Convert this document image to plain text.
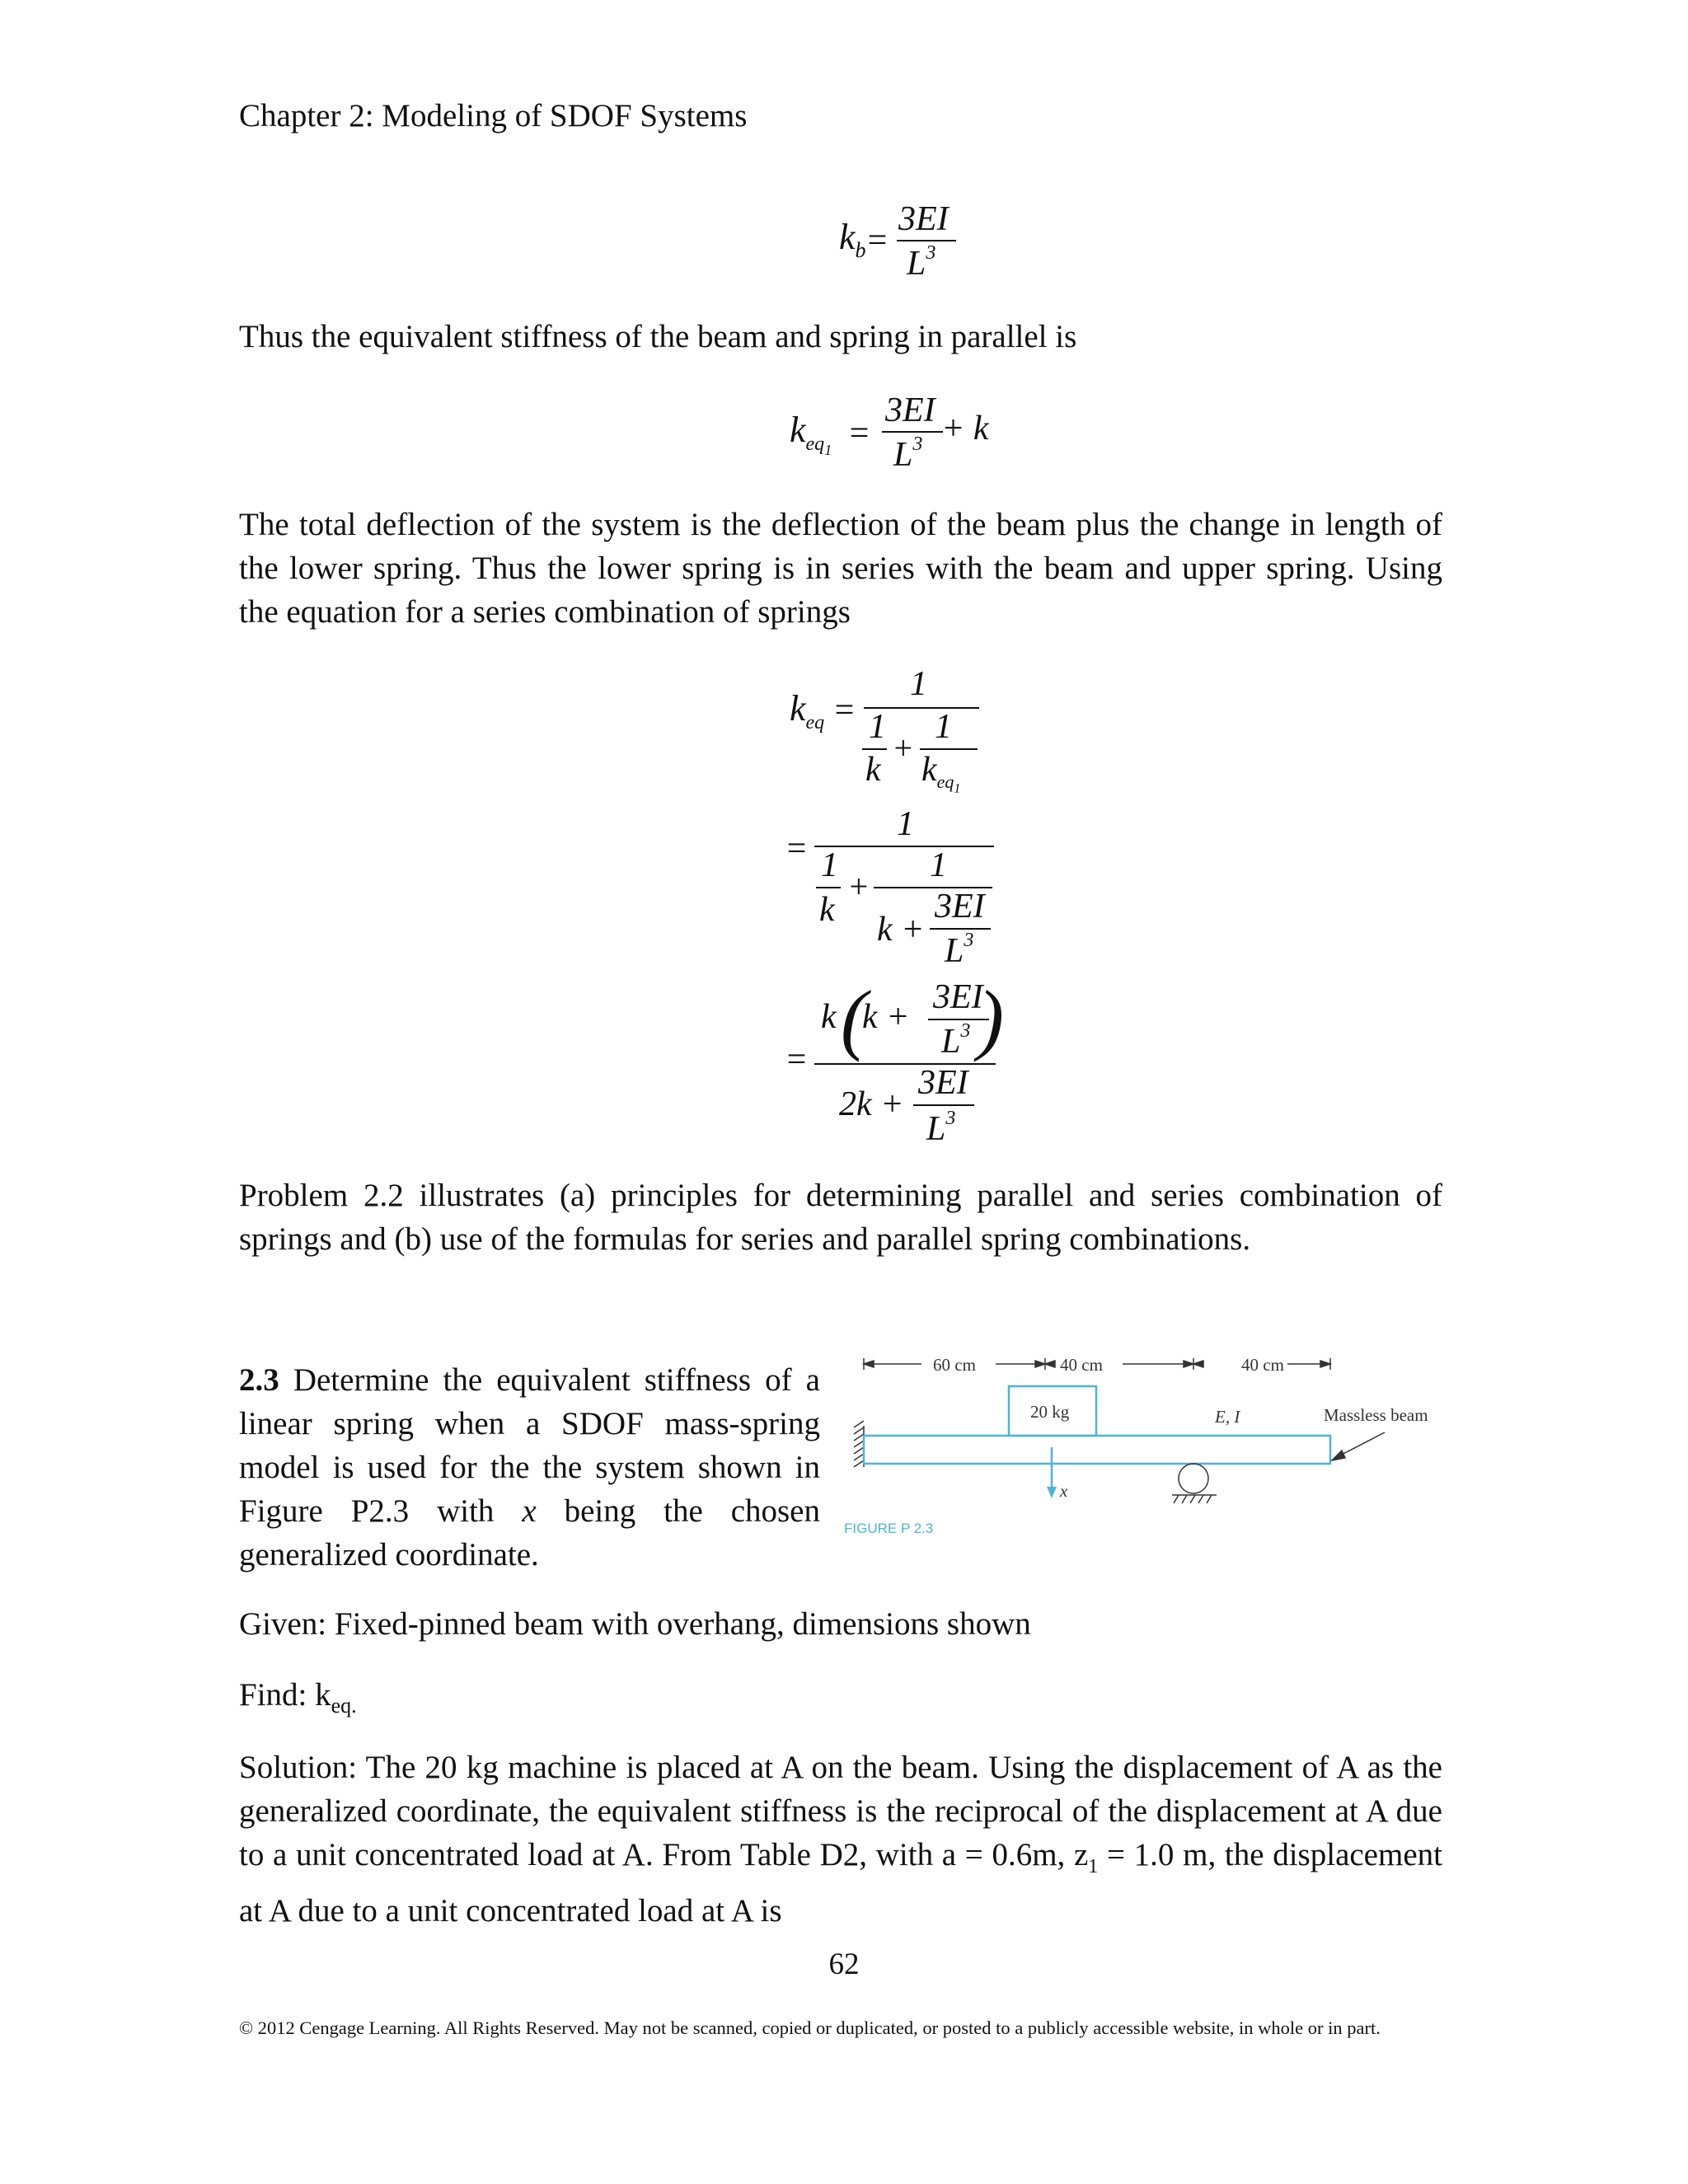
Chapter 2: Modeling of SDOF Systems
$k_b$ =
3EI
$L^3$
Thus the equivalent stiffness of the beam and spring in parallel is
$k_{eq_1}$ =
3EI
$L^3 + k$
The total deflection of the system is the deflection of the beam plus the change in length of the lower spring. Thus the lower spring is in series with the beam and upper spring. Using the equation for a series combination of springs
$k_{eq}$ =
1
1
k
+
1
$k_{eq_1}$
=
1
1
k
+
1
k +
3EI
$L^3$
=
k (
k +
3EI
$L^3$ )
2k +
3EI
$L^3$
Problem 2.2 illustrates (a) principles for determining parallel and series combination of springs and (b) use of the formulas for series and parallel spring combinations.
2.3 Determine the equivalent stiffness of a linear spring when a SDOF mass-spring model is used for the the system shown in Figure P2.3 with x being the chosen generalized coordinate.
60 cm	40 cm	40 cm
20 kg	E, I	Massless beam
x
FIGURE P 2.3
Given: Fixed-pinned beam with overhang, dimensions shown
Find: $k_{eq.}$
Solution: The 20 kg machine is placed at A on the beam. Using the displacement of A as the generalized coordinate, the equivalent stiffness is the reciprocal of the displacement at A due to a unit concentrated load at A. From Table D2, with a = 0.6m, $z_1 = 1.0$ m, the displacement at A due to a unit concentrated load at A is
62
© 2012 Cengage Learning. All Rights Reserved. May not be scanned, copied or duplicated, or posted to a publicly accessible website, in whole or in part.
